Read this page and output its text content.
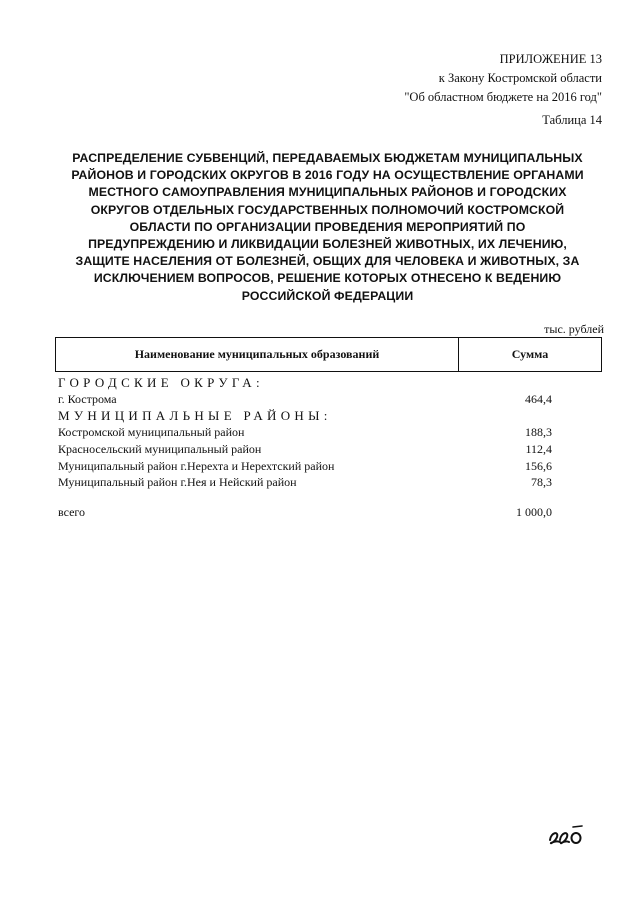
ПРИЛОЖЕНИЕ 13
к Закону Костромской области
"Об областном бюджете на 2016 год"
Таблица 14
РАСПРЕДЕЛЕНИЕ СУБВЕНЦИЙ, ПЕРЕДАВАЕМЫХ БЮДЖЕТАМ МУНИЦИПАЛЬНЫХ
РАЙОНОВ И ГОРОДСКИХ ОКРУГОВ В 2016 ГОДУ НА ОСУЩЕСТВЛЕНИЕ ОРГАНАМИ
МЕСТНОГО САМОУПРАВЛЕНИЯ МУНИЦИПАЛЬНЫХ РАЙОНОВ И ГОРОДСКИХ
ОКРУГОВ ОТДЕЛЬНЫХ ГОСУДАРСТВЕННЫХ ПОЛНОМОЧИЙ КОСТРОМСКОЙ
ОБЛАСТИ ПО ОРГАНИЗАЦИИ ПРОВЕДЕНИЯ МЕРОПРИЯТИЙ ПО
ПРЕДУПРЕЖДЕНИЮ И ЛИКВИДАЦИИ БОЛЕЗНЕЙ ЖИВОТНЫХ, ИХ ЛЕЧЕНИЮ,
ЗАЩИТЕ НАСЕЛЕНИЯ ОТ БОЛЕЗНЕЙ, ОБЩИХ ДЛЯ ЧЕЛОВЕКА И ЖИВОТНЫХ, ЗА
ИСКЛЮЧЕНИЕМ ВОПРОСОВ, РЕШЕНИЕ КОТОРЫХ ОТНЕСЕНО К ВЕДЕНИЮ
РОССИЙСКОЙ ФЕДЕРАЦИИ
тыс. рублей
Наименование муниципальных образований	Сумма
ГОРОДСКИЕ ОКРУГА:
г. Кострома	464,4
МУНИЦИПАЛЬНЫЕ РАЙОНЫ:
Костромской муниципальный район	188,3
Красносельский муниципальный район	112,4
Муниципальный район г.Нерехта и Нерехтский район	156,6
Муниципальный район г.Нея и Нейский район	78,3
всего	1 000,0
